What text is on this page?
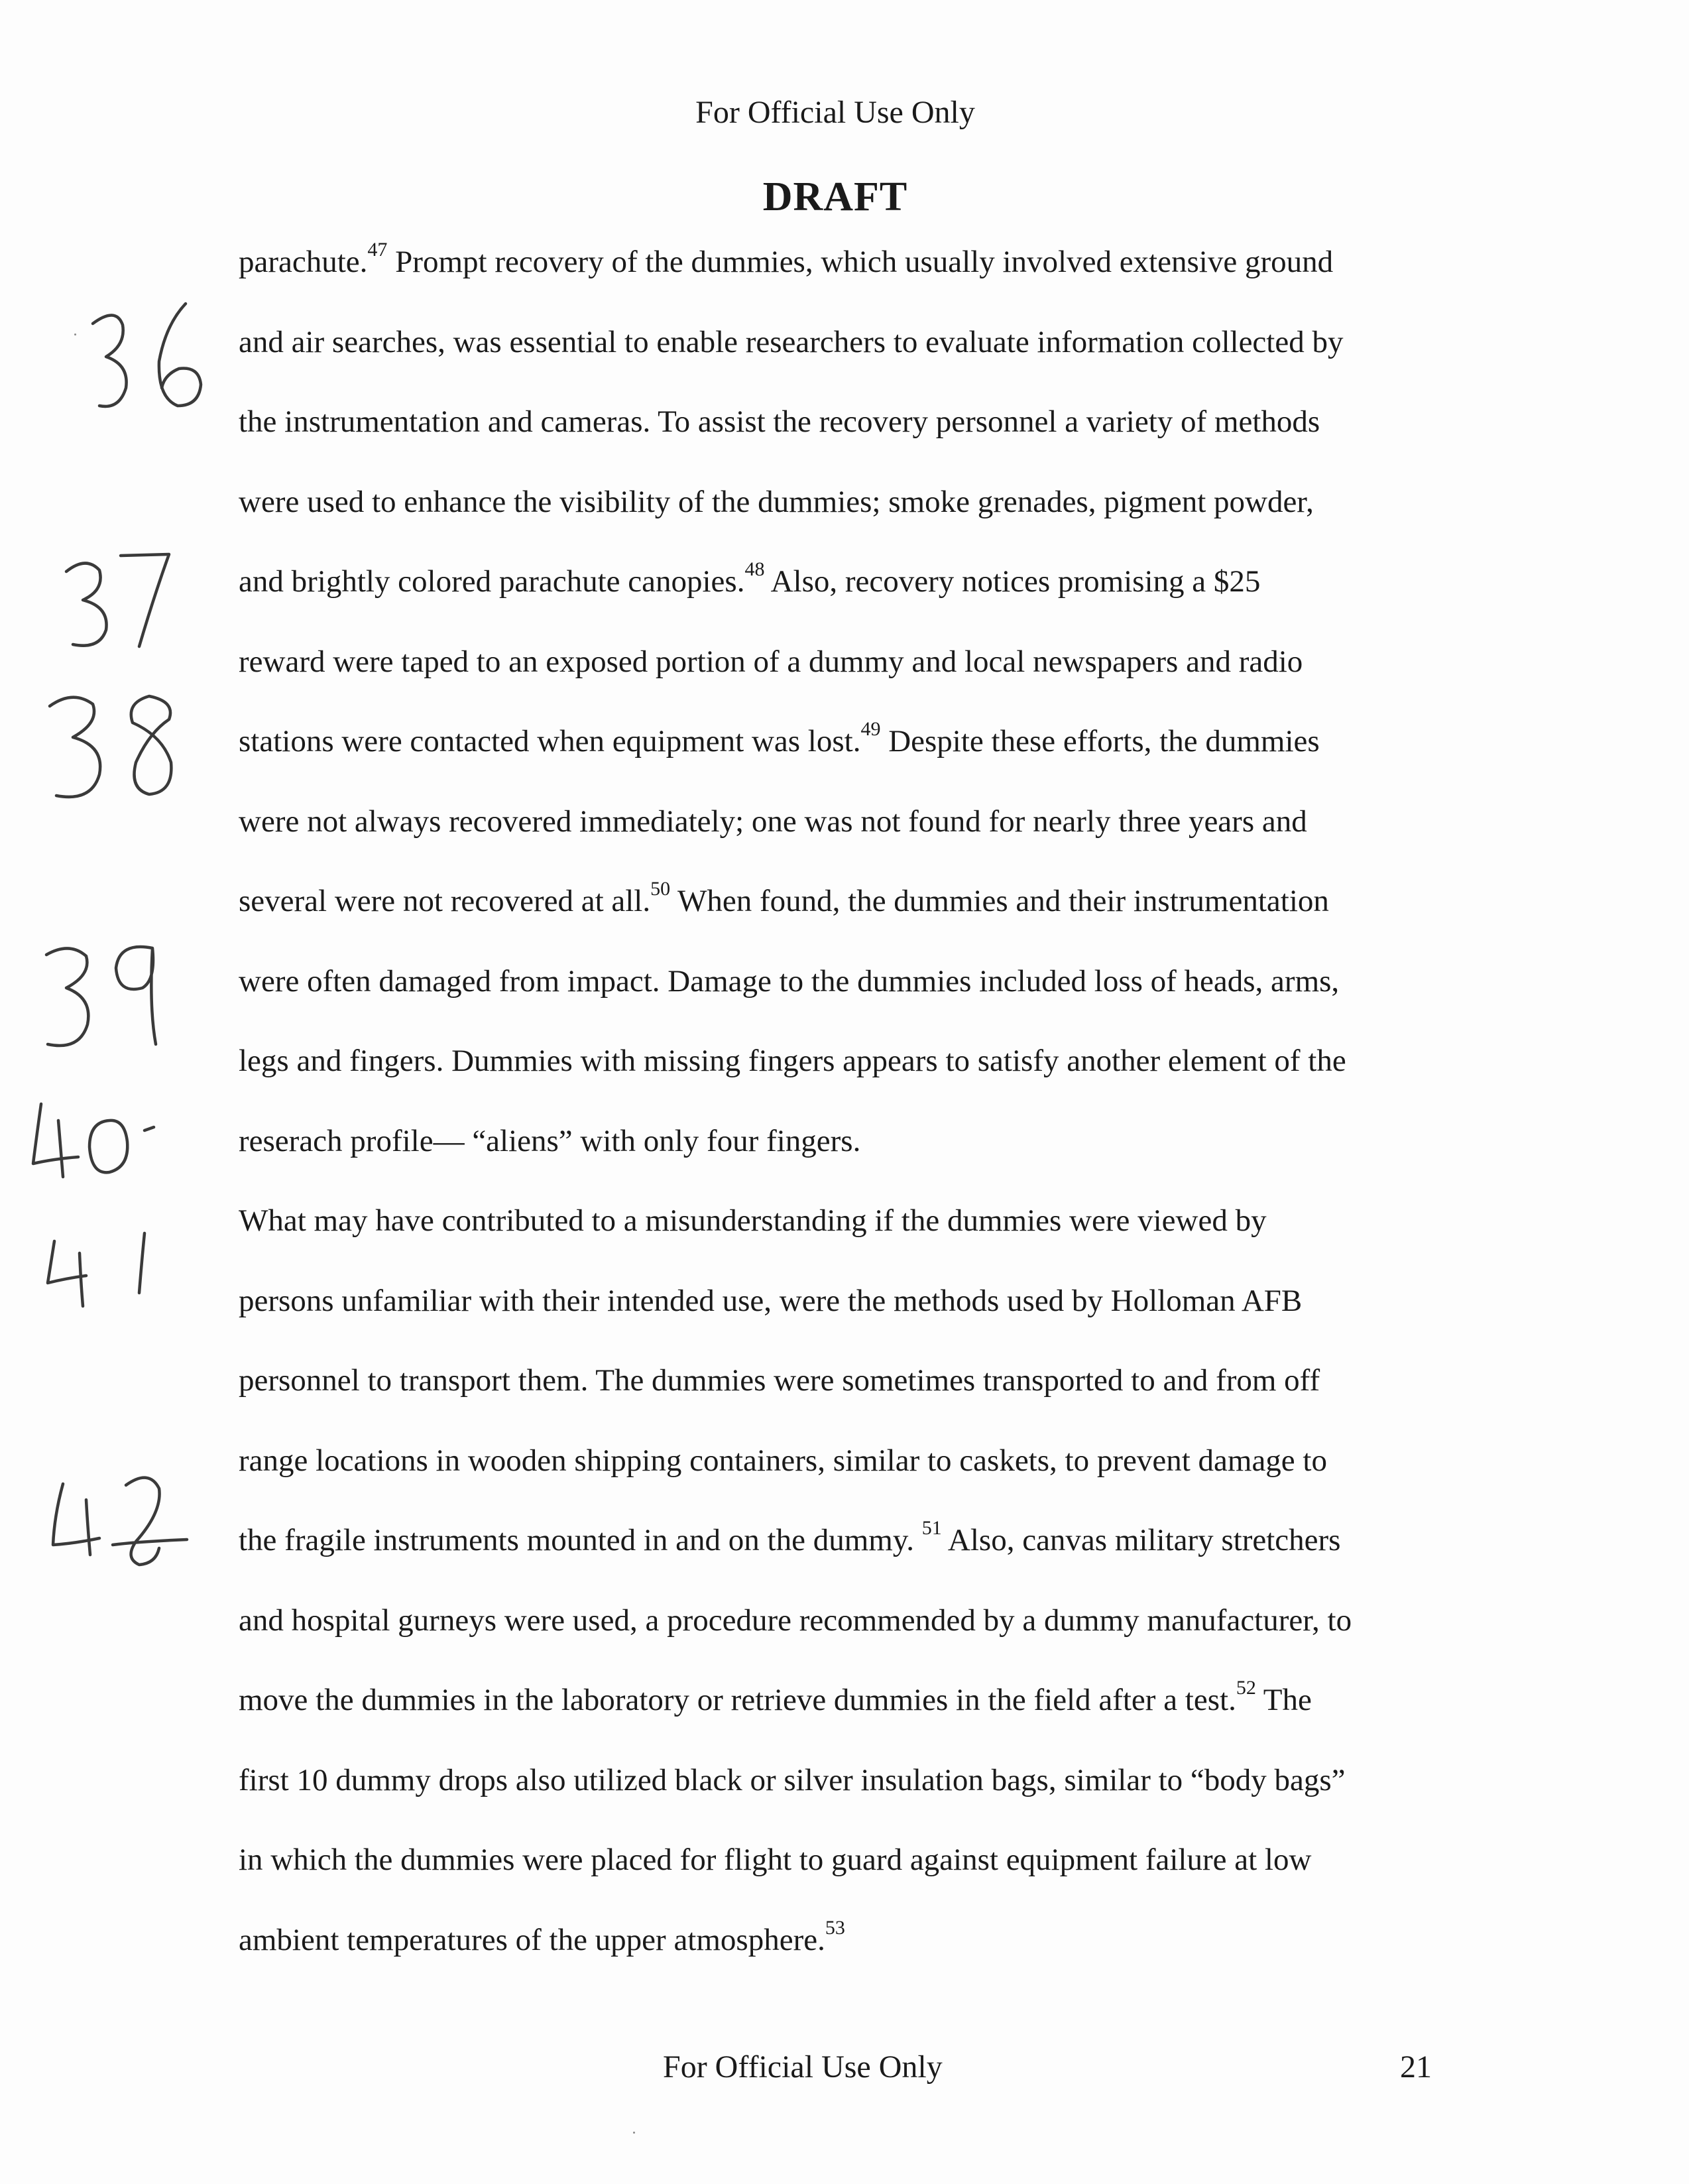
For Official Use Only
DRAFT
parachute.$^{47}$ Prompt recovery of the dummies, which usually involved extensive ground
and air searches, was essential to enable researchers to evaluate information collected by
the instrumentation and cameras. To assist the recovery personnel a variety of methods
were used to enhance the visibility of the dummies; smoke grenades, pigment powder,
and brightly colored parachute canopies.$^{48}$ Also, recovery notices promising a $25
reward were taped to an exposed portion of a dummy and local newspapers and radio
stations were contacted when equipment was lost.$^{49}$ Despite these efforts, the dummies
were not always recovered immediately; one was not found for nearly three years and
several were not recovered at all.$^{50}$ When found, the dummies and their instrumentation
were often damaged from impact. Damage to the dummies included loss of heads, arms,
legs and fingers. Dummies with missing fingers appears to satisfy another element of the
reserach profile— “aliens” with only four fingers.
What may have contributed to a misunderstanding if the dummies were viewed by
persons unfamiliar with their intended use, were the methods used by Holloman AFB
personnel to transport them. The dummies were sometimes transported to and from off
range locations in wooden shipping containers, similar to caskets, to prevent damage to
the fragile instruments mounted in and on the dummy. $^{51}$ Also, canvas military stretchers
and hospital gurneys were used, a procedure recommended by a dummy manufacturer, to
move the dummies in the laboratory or retrieve dummies in the field after a test.$^{52}$ The
first 10 dummy drops also utilized black or silver insulation bags, similar to “body bags”
in which the dummies were placed for flight to guard against equipment failure at low
ambient temperatures of the upper atmosphere.$^{53}$
For Official Use Only	21
